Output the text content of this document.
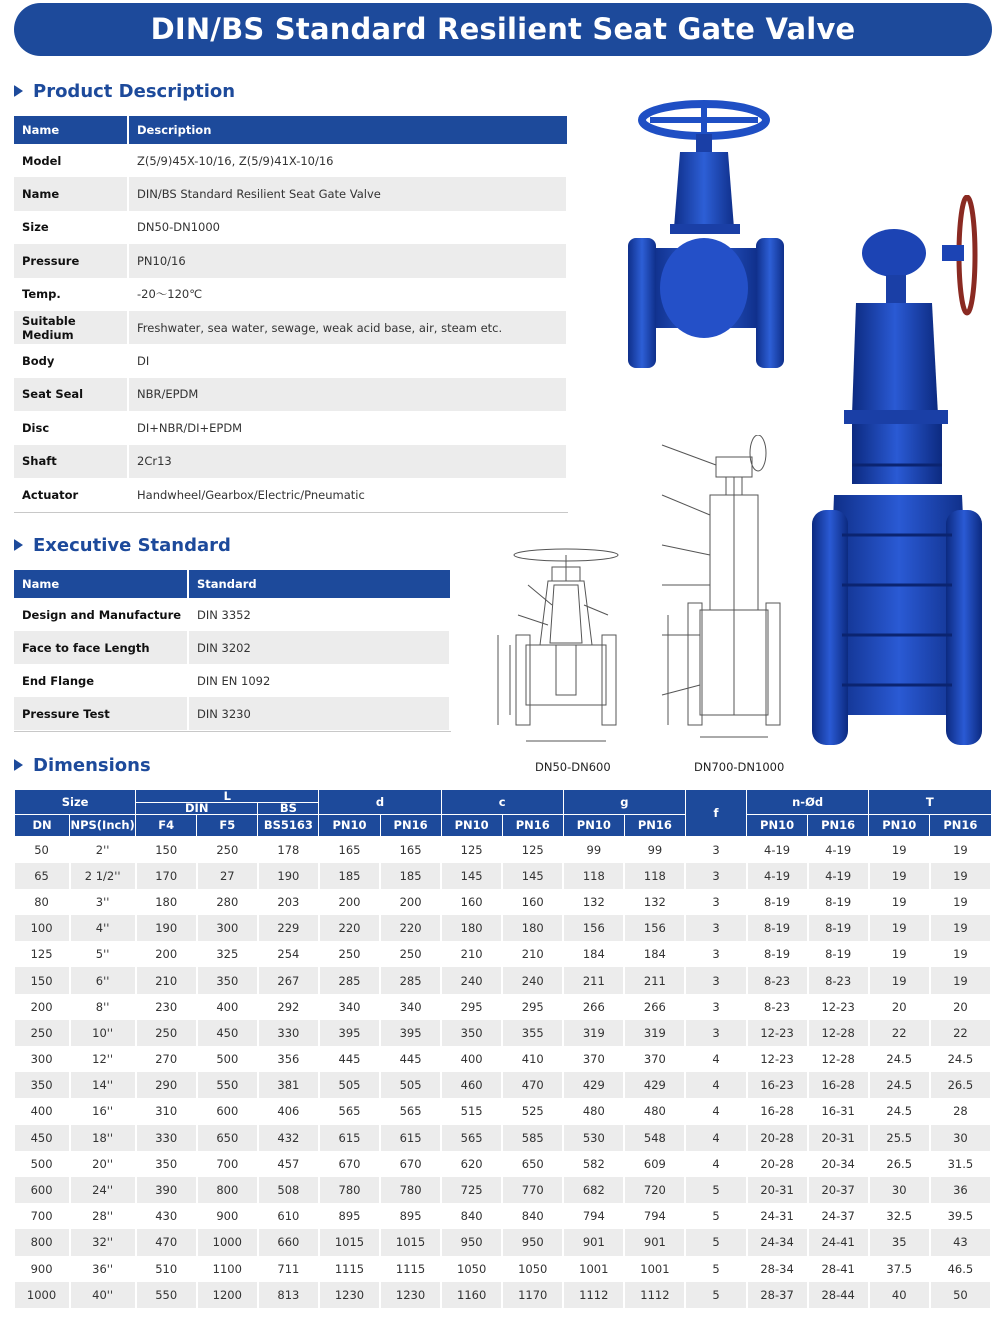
DIN/BS Standard Resilient Seat Gate Valve
Product Description
Name	Description
Model	Z(5/9)45X-10/16, Z(5/9)41X-10/16
Name	DIN/BS Standard Resilient Seat Gate Valve
Size	DN50-DN1000
Pressure	PN10/16
Temp.	-20～120℃
Suitable Medium	Freshwater, sea water, sewage, weak acid base, air, steam etc.
Body	DI
Seat Seal	NBR/EPDM
Disc	DI+NBR/DI+EPDM
Shaft	2Cr13
Actuator	Handwheel/Gearbox/Electric/Pneumatic
Executive Standard
Name	Standard
Design and Manufacture	DIN 3352
Face to face Length	DIN 3202
End Flange	DIN EN 1092
Pressure Test	DIN 3230
DN50-DN600	DN700-DN1000
Dimensions
Size		L			d		c		g		f	n-Ød		T	
		DIN		BS											
DN	NPS(Inch)	F4	F5	BS5163	PN10	PN16	PN10	PN16	PN10	PN16		PN10	PN16	PN10	PN16
50	2''	150	250	178	165	165	125	125	99	99	3	4-19	4-19	19	19
65	2 1/2''	170	27	190	185	185	145	145	118	118	3	4-19	4-19	19	19
80	3''	180	280	203	200	200	160	160	132	132	3	8-19	8-19	19	19
100	4''	190	300	229	220	220	180	180	156	156	3	8-19	8-19	19	19
125	5''	200	325	254	250	250	210	210	184	184	3	8-19	8-19	19	19
150	6''	210	350	267	285	285	240	240	211	211	3	8-23	8-23	19	19
200	8''	230	400	292	340	340	295	295	266	266	3	8-23	12-23	20	20
250	10''	250	450	330	395	395	350	355	319	319	3	12-23	12-28	22	22
300	12''	270	500	356	445	445	400	410	370	370	4	12-23	12-28	24.5	24.5
350	14''	290	550	381	505	505	460	470	429	429	4	16-23	16-28	24.5	26.5
400	16''	310	600	406	565	565	515	525	480	480	4	16-28	16-31	24.5	28
450	18''	330	650	432	615	615	565	585	530	548	4	20-28	20-31	25.5	30
500	20''	350	700	457	670	670	620	650	582	609	4	20-28	20-34	26.5	31.5
600	24''	390	800	508	780	780	725	770	682	720	5	20-31	20-37	30	36
700	28''	430	900	610	895	895	840	840	794	794	5	24-31	24-37	32.5	39.5
800	32''	470	1000	660	1015	1015	950	950	901	901	5	24-34	24-41	35	43
900	36''	510	1100	711	1115	1115	1050	1050	1001	1001	5	28-34	28-41	37.5	46.5
1000	40''	550	1200	813	1230	1230	1160	1170	1112	1112	5	28-37	28-44	40	50
